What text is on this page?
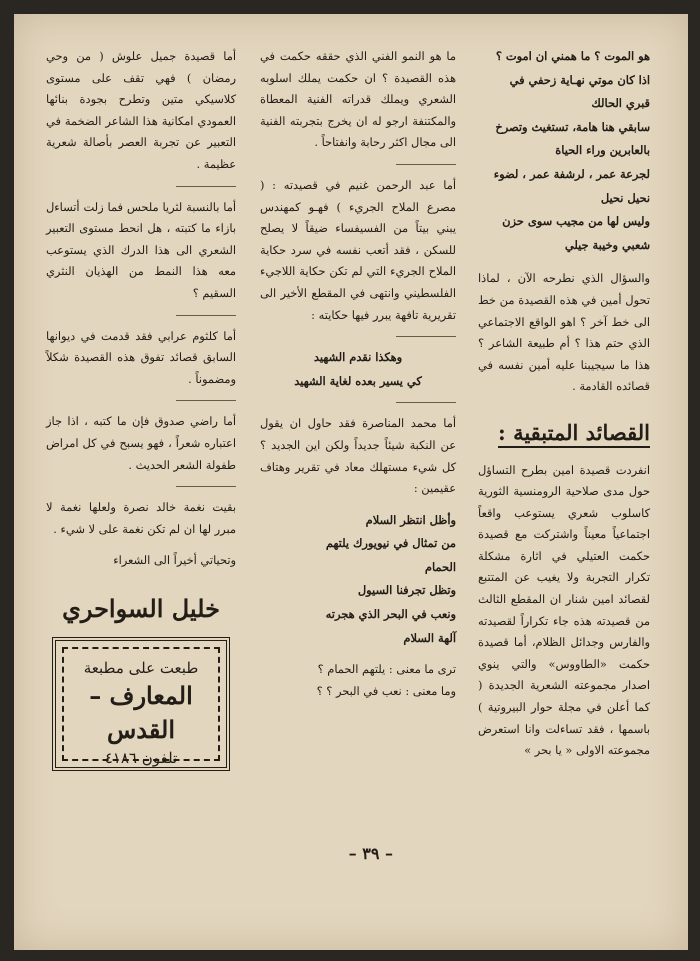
هو الموت ؟ ما همني ان اموت ؟

اذا كان موتي نهـاية زحفي في

قبري الحالك

سابقي هنا هامة، تستغيث وتصرخ

بالعابرين وراء الحياة

لجرعة عمر ، لرشفة عمر ، لضوء

نحيل نحيل

وليس لها من مجيب سوى حزن

شعبي وخيبة جيلي

والسؤال الذي نطرحه الآن ، لماذا تحول أمين في هذه القصيدة من خط الى خط آخر ؟ اهو الواقع الاجتماعي الذي حتم هذا ؟ أم طبيعة الشاعر ؟ هذا ما سيجيبنا عليه أمين نفسه في قصائده القادمة .

القصائد المتبقية :

انفردت قصيدة امين بطرح التساؤل حول مدى صلاحية الرومنسية الثورية كاسلوب شعري يستوعب واقعاً اجتماعياً معيناً واشتركت مع قصيدة حكمت العتيلي في اثارة مشكلة تكرار التجربة ولا يغيب عن المتتبع لقصائد امين شنار ان المقطع الثالث من قصيدته هذه جاء تكراراً لقصيدته والفارس وجدائل الظلام، أما قصيدة حكمت «الطاووس» والتي ينوي اصدار مجموعته الشعرية الجديدة ( كما أعلن في مجلة حوار البيروتية ) باسمها ، فقد تساءلت وانا استعرض مجموعته الاولى « يا بحر »

ما هو النمو الفني الذي حققه حكمت في هذه القصيدة ؟ ان حكمت يملك اسلوبه الشعري ويملك قدراته الفنية المعطاة والمكتنفة ارجو له ان يخرج بتجربته الفنية الى مجال اكثر رحابة وانفتاحاً .

أما عبد الرحمن غنيم في قصيدته : ( مصرع الملاح الجريء ) فهـو كمهندس يبني بيتاً من الفسيفساء ضيقاً لا يصلح للسكن ، فقد أتعب نفسه في سرد حكاية الملاح الجريء التي لم تكن حكاية اللاجيء الفلسطيني وانتهى في المقطع الأخير الى تقريرية تافهة يبرر فيها حكايته :

وهكذا نقدم الشهيد

كي يسير بعده لغاية الشهيد

أما محمد المناصرة فقد حاول ان يقول عن النكبة شيئاً جديداً ولكن اين الجديد ؟ كل شيء مستهلك معاد في تقرير وهتاف عقيمين :

وأظل انتظر السلام

من تمثال في نيويورك يلتهم

الحمام

وتظل تجرفنا السيول

ونعب في البحر الذي هجرته

آلهة السلام

ترى ما معنى : يلتهم الحمام ؟

وما معنى : نعب في البحر ؟ ؟

أما قصيدة جميل علوش ( من وحي رمضان ) فهي تقف على مستوى كلاسيكي متين وتطرح بجودة بنائها العمودي امكانية هذا الشاعر الضخمة في التعبير عن تجربة العصر بأصالة شعرية عظيمة .

أما بالنسبة لثريا ملحس فما زلت أتساءل بازاء ما كتبته ، هل انحط مستوى التعبير الشعري الى هذا الدرك الذي يستوعب معه هذا النمط من الهذيان النثري السقيم ؟

أما كلثوم عرابي فقد قدمت في ديوانها السابق قصائد تفوق هذه القصيدة شكلاً ومضموناً .

أما راضي صدوق فإن ما كتبه ، اذا جاز اعتباره شعراً ، فهو يسبح في كل امراض طفولة الشعر الحديث .

بقيت نغمة خالد نصرة ولعلها نغمة لا مبرر لها ان لم تكن نغمة على لا شيء .

وتحياتي أخيراً الى الشعراء

خليل السواحري
طبعت على مطبعة
المعارف – القدس
تلفون ٤١٨٦
– ٣٩ –
